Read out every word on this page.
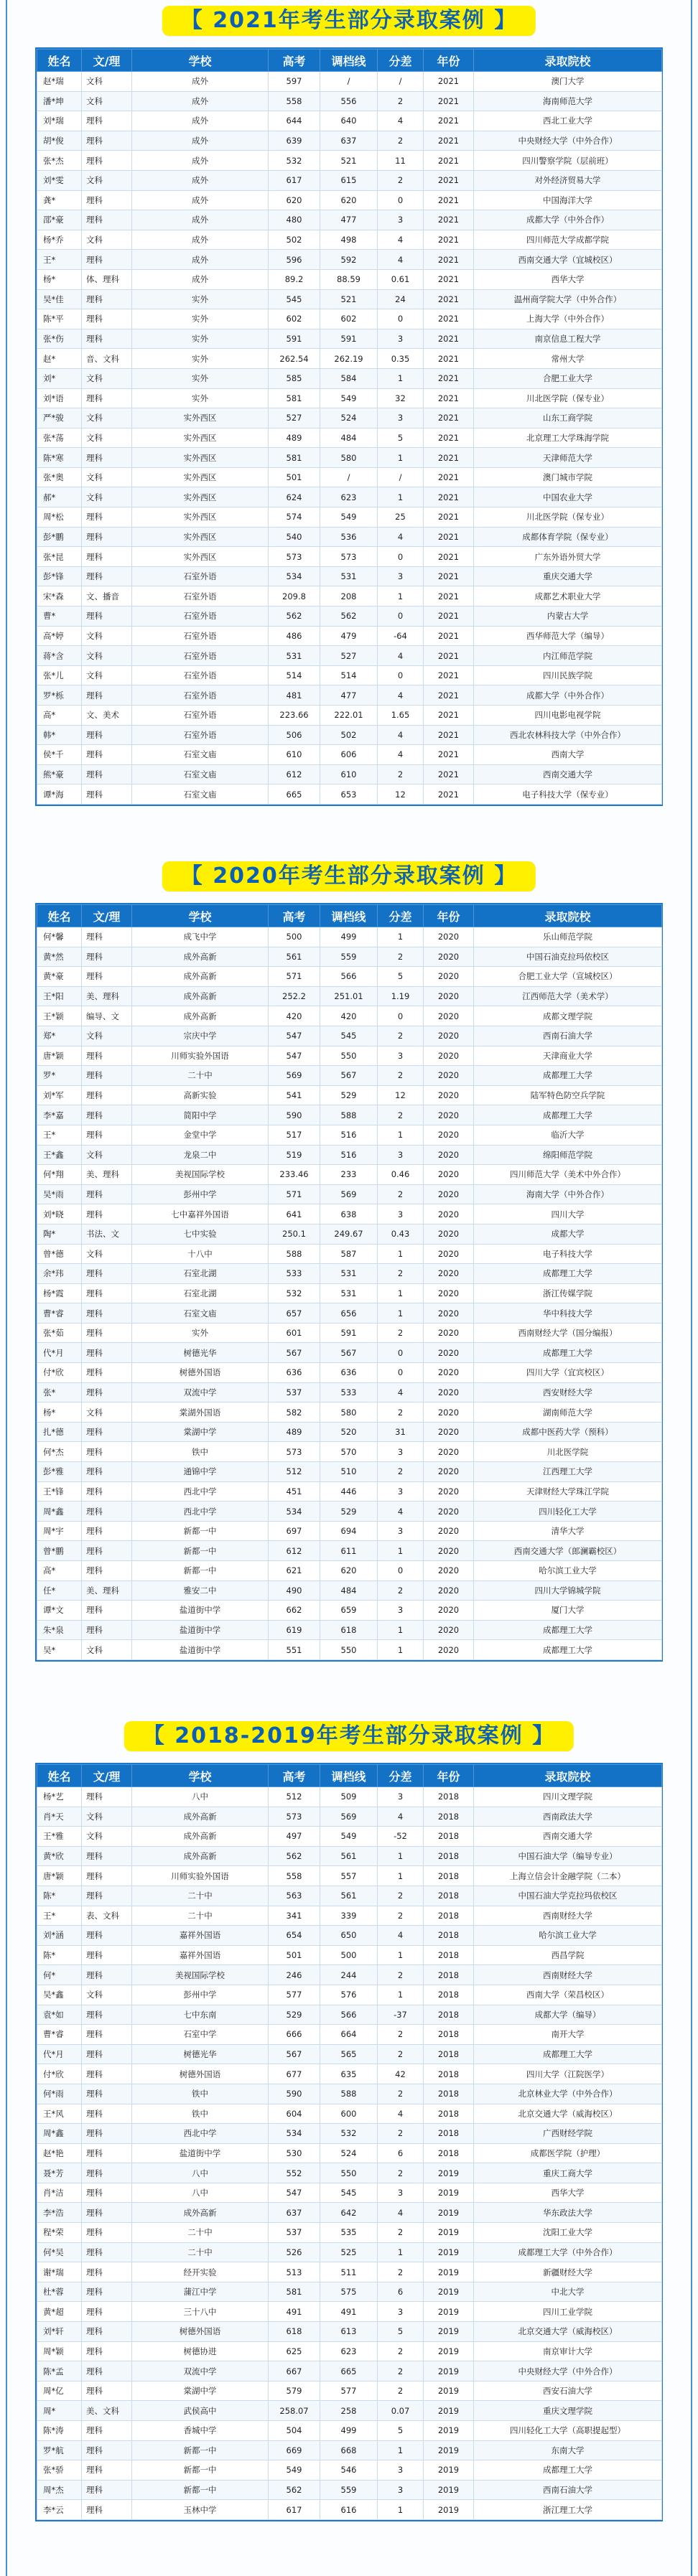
【 2021年考生部分录取案例 】
姓名	文/理	学校	高考	调档线	分差	年份	录取院校
赵*瑞	文科	成外	597	/	/	2021	澳门大学
潘*坤	文科	成外	558	556	2	2021	海南师范大学
刘*瑞	理科	成外	644	640	4	2021	西北工业大学
胡*俊	理科	成外	639	637	2	2021	中央财经大学（中外合作）
张*杰	理科	成外	532	521	11	2021	四川警察学院（层前班）
刘*雯	文科	成外	617	615	2	2021	对外经济贸易大学
龚*	理科	成外	620	620	0	2021	中国海洋大学
邵*豪	理科	成外	480	477	3	2021	成都大学（中外合作）
杨*乔	文科	成外	502	498	4	2021	四川师范大学成都学院
王*	理科	成外	596	592	4	2021	西南交通大学（宜城校区）
杨*	体、理科	成外	89.2	88.59	0.61	2021	西华大学
吴*佳	理科	实外	545	521	24	2021	温州商学院大学（中外合作）
陈*平	理科	实外	602	602	0	2021	上海大学（中外合作）
张*伤	理科	实外	591	591	3	2021	南京信息工程大学
赵*	音、文科	实外	262.54	262.19	0.35	2021	常州大学
刘*	文科	实外	585	584	1	2021	合肥工业大学
刘*语	理科	实外	581	549	32	2021	川北医学院（保专业）
严*骏	文科	实外西区	527	524	3	2021	山东工商学院
张*荡	文科	实外西区	489	484	5	2021	北京理工大学珠海学院
陈*寒	理科	实外西区	581	580	1	2021	天津师范大学
张*奥	文科	实外西区	501	/	/	2021	澳门城市学院
郝*	文科	实外西区	624	623	1	2021	中国农业大学
周*松	理科	实外西区	574	549	25	2021	川北医学院（保专业）
彭*鹏	理科	实外西区	540	536	4	2021	成都体育学院（保专业）
张*昆	理科	实外西区	573	573	0	2021	广东外语外贸大学
彭*锋	理科	石室外语	534	531	3	2021	重庆交通大学
宋*森	文、播音	石室外语	209.8	208	1	2021	成都艺术职业大学
曹*	理科	石室外语	562	562	0	2021	内蒙古大学
高*婷	文科	石室外语	486	479	-64	2021	西华师范大学（编导）
蒋*含	文科	石室外语	531	527	4	2021	内江师范学院
张*儿	文科	石室外语	514	514	0	2021	四川民族学院
罗*栎	理科	石室外语	481	477	4	2021	成都大学（中外合作）
高*	文、美术	石室外语	223.66	222.01	1.65	2021	四川电影电视学院
韩*	理科	石室外语	506	502	4	2021	西北农林科技大学（中外合作）
侯*千	理科	石室文庙	610	606	4	2021	西南大学
熊*豪	理科	石室文庙	612	610	2	2021	西南交通大学
谭*海	理科	石室文庙	665	653	12	2021	电子科技大学（保专业）
【 2020年考生部分录取案例 】
姓名	文/理	学校	高考	调档线	分差	年份	录取院校
何*馨	理科	成飞中学	500	499	1	2020	乐山师范学院
黄*然	理科	成外高新	561	559	2	2020	中国石油克拉玛依校区
黄*豪	理科	成外高新	571	566	5	2020	合肥工业大学（宣城校区）
王*阳	美、理科	成外高新	252.2	251.01	1.19	2020	江西师范大学（美术学）
王*颖	编导、文	成外高新	420	420	0	2020	成都文理学院
郑*	文科	宗庆中学	547	545	2	2020	西南石油大学
唐*颖	理科	川师实验外国语	547	550	3	2020	天津商业大学
罗*	理科	二十中	569	567	2	2020	成都理工大学
刘*军	理科	高新实验	541	529	12	2020	陆军特色防空兵学院
李*嘉	理科	简阳中学	590	588	2	2020	成都理工大学
王*	理科	金堂中学	517	516	1	2020	临沂大学
王*鑫	文科	龙泉二中	519	516	3	2020	绵阳师范学院
何*翔	美、理科	美视国际学校	233.46	233	0.46	2020	四川师范大学（美术中外合作）
吴*雨	理科	彭州中学	571	569	2	2020	海南大学（中外合作）
刘*晓	理科	七中嘉祥外国语	641	638	3	2020	四川大学
陶*	书法、文	七中实验	250.1	249.67	0.43	2020	成都大学
曾*德	文科	十八中	588	587	1	2020	电子科技大学
余*玮	理科	石室北湖	533	531	2	2020	成都理工大学
杨*霞	理科	石室北湖	532	531	1	2020	浙江传媒学院
曹*睿	理科	石室文庙	657	656	1	2020	华中科技大学
张*茹	理科	实外	601	591	2	2020	西南财经大学（国分编报）
代*月	理科	树德光华	567	567	0	2020	成都理工大学
付*欣	理科	树德外国语	636	636	0	2020	四川大学（宜宾校区）
张*	理科	双流中学	537	533	4	2020	西安财经大学
杨*	文科	棠湖外国语	582	580	2	2020	湖南师范大学
扎*德	理科	棠湖中学	489	520	31	2020	成都中医药大学（预科）
何*杰	理科	铁中	573	570	3	2020	川北医学院
彭*雅	理科	通锦中学	512	510	2	2020	江西理工大学
王*锋	理科	西北中学	451	446	3	2020	天津财经大学珠江学院
周*鑫	理科	西北中学	534	529	4	2020	四川轻化工大学
周*宇	理科	新都一中	697	694	3	2020	清华大学
曾*鹏	理科	新都一中	612	611	1	2020	西南交通大学（郎澜霸校区）
高*	理科	新都一中	621	620	0	2020	哈尔滨工业大学
任*	美、理科	雅安二中	490	484	2	2020	四川大学锦城学院
谭*文	理科	盐道街中学	662	659	3	2020	厦门大学
朱*泉	理科	盐道街中学	619	618	1	2020	成都理工大学
吴*	文科	盐道街中学	551	550	1	2020	成都理工大学
【 2018-2019年考生部分录取案例 】
姓名	文/理	学校	高考	调档线	分差	年份	录取院校
杨*艺	理科	八中	512	509	3	2018	四川文理学院
肖*天	文科	成外高新	573	569	4	2018	西南政法大学
王*雅	文科	成外高新	497	549	-52	2018	西南交通大学
黄*欣	理科	成外高新	562	561	1	2018	中国石油大学（编导专业）
唐*颖	理科	川师实验外国语	558	557	1	2018	上海立信会计金融学院（二本）
陈*	理科	二十中	563	561	2	2018	中国石油大学克拉玛依校区
王*	表、文科	二十中	341	339	2	2018	西南财经大学
刘*涵	理科	嘉祥外国语	654	650	4	2018	哈尔滨工业大学
陈*	理科	嘉祥外国语	501	500	1	2018	西昌学院
何*	理科	美视国际学校	246	244	2	2018	西南财经大学
吴*鑫	文科	彭州中学	577	576	1	2018	西南大学（荣昌校区）
袁*如	理科	七中东南	529	566	-37	2018	成都大学（编导）
曹*睿	理科	石室中学	666	664	2	2018	南开大学
代*月	理科	树德光华	567	565	2	2018	成都理工大学
付*欣	理科	树德外国语	677	635	42	2018	四川大学（江院医学）
何*雨	理科	铁中	590	588	2	2018	北京林业大学（中外合作）
王*风	理科	铁中	604	600	4	2018	北京交通大学（威海校区）
周*鑫	理科	西北中学	534	532	2	2018	广西财经学院
赵*艳	理科	盐道街中学	530	524	6	2018	成都医学院（护理）
聂*芳	理科	八中	552	550	2	2019	重庆工商大学
肖*洁	理科	八中	547	545	3	2019	西华大学
李*浩	理科	成外高新	637	642	4	2019	华东政法大学
程*荣	理科	二十中	537	535	2	2019	沈阳工业大学
何*吴	理科	二十中	526	525	1	2019	成都理工大学（中外合作）
谢*瑞	理科	经开实验	513	511	2	2019	新疆财经大学
杜*蓉	理科	蒲江中学	581	575	6	2019	中北大学
黄*超	理科	三十八中	491	491	3	2019	四川工业学院
刘*轩	理科	树德外国语	618	613	5	2019	北京交通大学（威海校区）
周*颖	理科	树德协进	625	623	2	2019	南京审计大学
陈*孟	理科	双流中学	667	665	2	2019	中央财经大学（中外合作）
周*亿	理科	棠湖中学	579	577	2	2019	西安石油大学
周*	美、文科	武侯高中	258.07	258	0.07	2019	重庆文理学院
陈*涛	理科	香城中学	504	499	5	2019	四川轻化工大学（高职提起型）
罗*航	理科	新都一中	669	668	1	2019	东南大学
张*骄	理科	新都一中	549	546	3	2019	成都理工大学
周*杰	理科	新都一中	562	559	3	2019	西南石油大学
李*云	理科	玉林中学	617	616	1	2019	浙江理工大学
